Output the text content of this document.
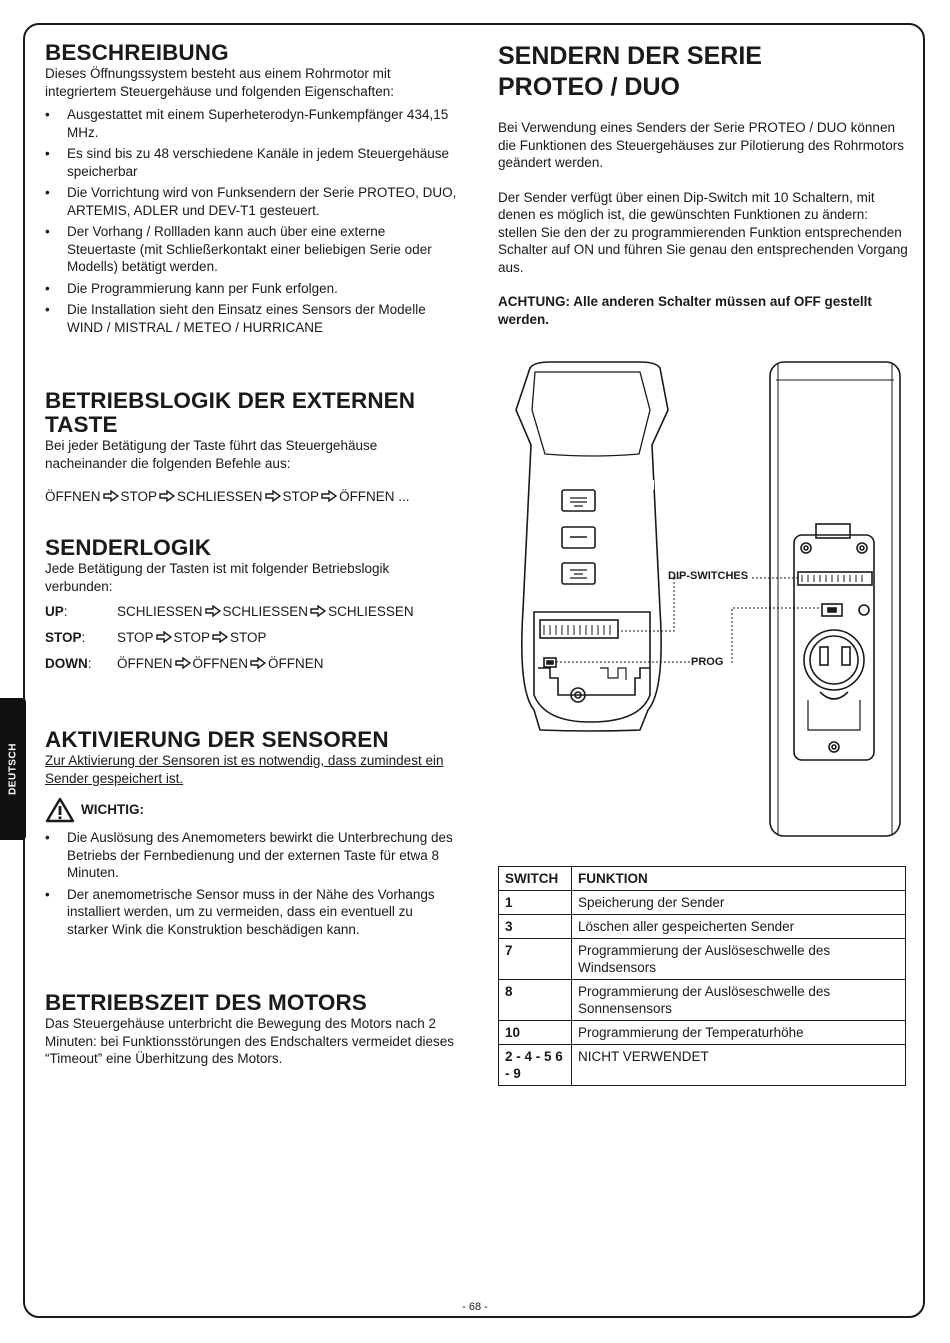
DEUTSCH
BESCHREIBUNG

Dieses Öffnungssystem besteht aus einem Rohrmotor mit integriertem Steuergehäuse und folgenden Eigenschaften:

• Ausgestattet mit einem Superheterodyn-Funkempfänger 434,15 MHz.
• Es sind bis zu 48 verschiedene Kanäle in jedem Steuergehäuse speicherbar
• Die Vorrichtung wird von Funksendern der Serie PROTEO, DUO, ARTEMIS, ADLER und DEV-T1 gesteuert.
• Der Vorhang / Rollladen kann auch über eine externe Steuertaste (mit Schließerkontakt einer beliebigen Serie oder Modells) betätigt werden.
• Die Programmierung kann per Funk erfolgen.
• Die Installation sieht den Einsatz eines Sensors der Modelle WIND / MISTRAL / METEO / HURRICANE
BETRIEBSLOGIK DER EXTERNEN TASTE

Bei jeder Betätigung der Taste führt das Steuergehäuse nacheinander die folgenden Befehle aus:

ÖFFNEN STOP SCHLIESSEN STOP ÖFFNEN ...

SENDERLOGIK

Jede Betätigung der Tasten ist mit folgender Betriebslogik verbunden:

UP:	SCHLIESSEN SCHLIESSEN SCHLIESSEN
STOP:	STOP STOP STOP
DOWN:	ÖFFNEN ÖFFNEN ÖFFNEN
AKTIVIERUNG DER SENSOREN

Zur Aktivierung der Sensoren ist es notwendig, dass zumindest ein Sender gespeichert ist.

WICHTIG:
• Die Auslösung des Anemometers bewirkt die Unterbrechung des Betriebs der Fernbedienung und der externen Taste für etwa 8 Minuten.
• Der anemometrische Sensor muss in der Nähe des Vorhangs installiert werden, um zu vermeiden, dass ein eventuell zu starker Wink die Konstruktion beschädigen kann.
BETRIEBSZEIT DES MOTORS

Das Steuergehäuse unterbricht die Bewegung des Motors nach 2 Minuten: bei Funktionsstörungen des Endschalters vermeidet dieses “Timeout” eine Überhitzung des Motors.

SENDERN DER SERIE
PROTEO / DUO

Bei Verwendung eines Senders der Serie PROTEO / DUO können die Funktionen des Steuergehäuses zur Pilotierung des Rohrmotors geändert werden.

Der Sender verfügt über einen Dip-Switch mit 10 Schaltern, mit denen es möglich ist, die gewünschten Funktionen zu ändern: stellen Sie den der zu programmierenden Funktion entsprechenden Schalter auf ON und führen Sie genau den entsprechenden Vorgang aus.

ACHTUNG: Alle anderen Schalter müssen auf OFF gestellt werden.

DIP-SWITCHES
PROG
SWITCH	FUNKTION
1	Speicherung der Sender
3	Löschen aller gespeicherten Sender
7	Programmierung der Auslöseschwelle des Windsensors
8	Programmierung der Auslöseschwelle des Sonnensensors
10	Programmierung der Temperaturhöhe
2 - 4 - 5 6 - 9	NICHT VERWENDET
- 68 -
